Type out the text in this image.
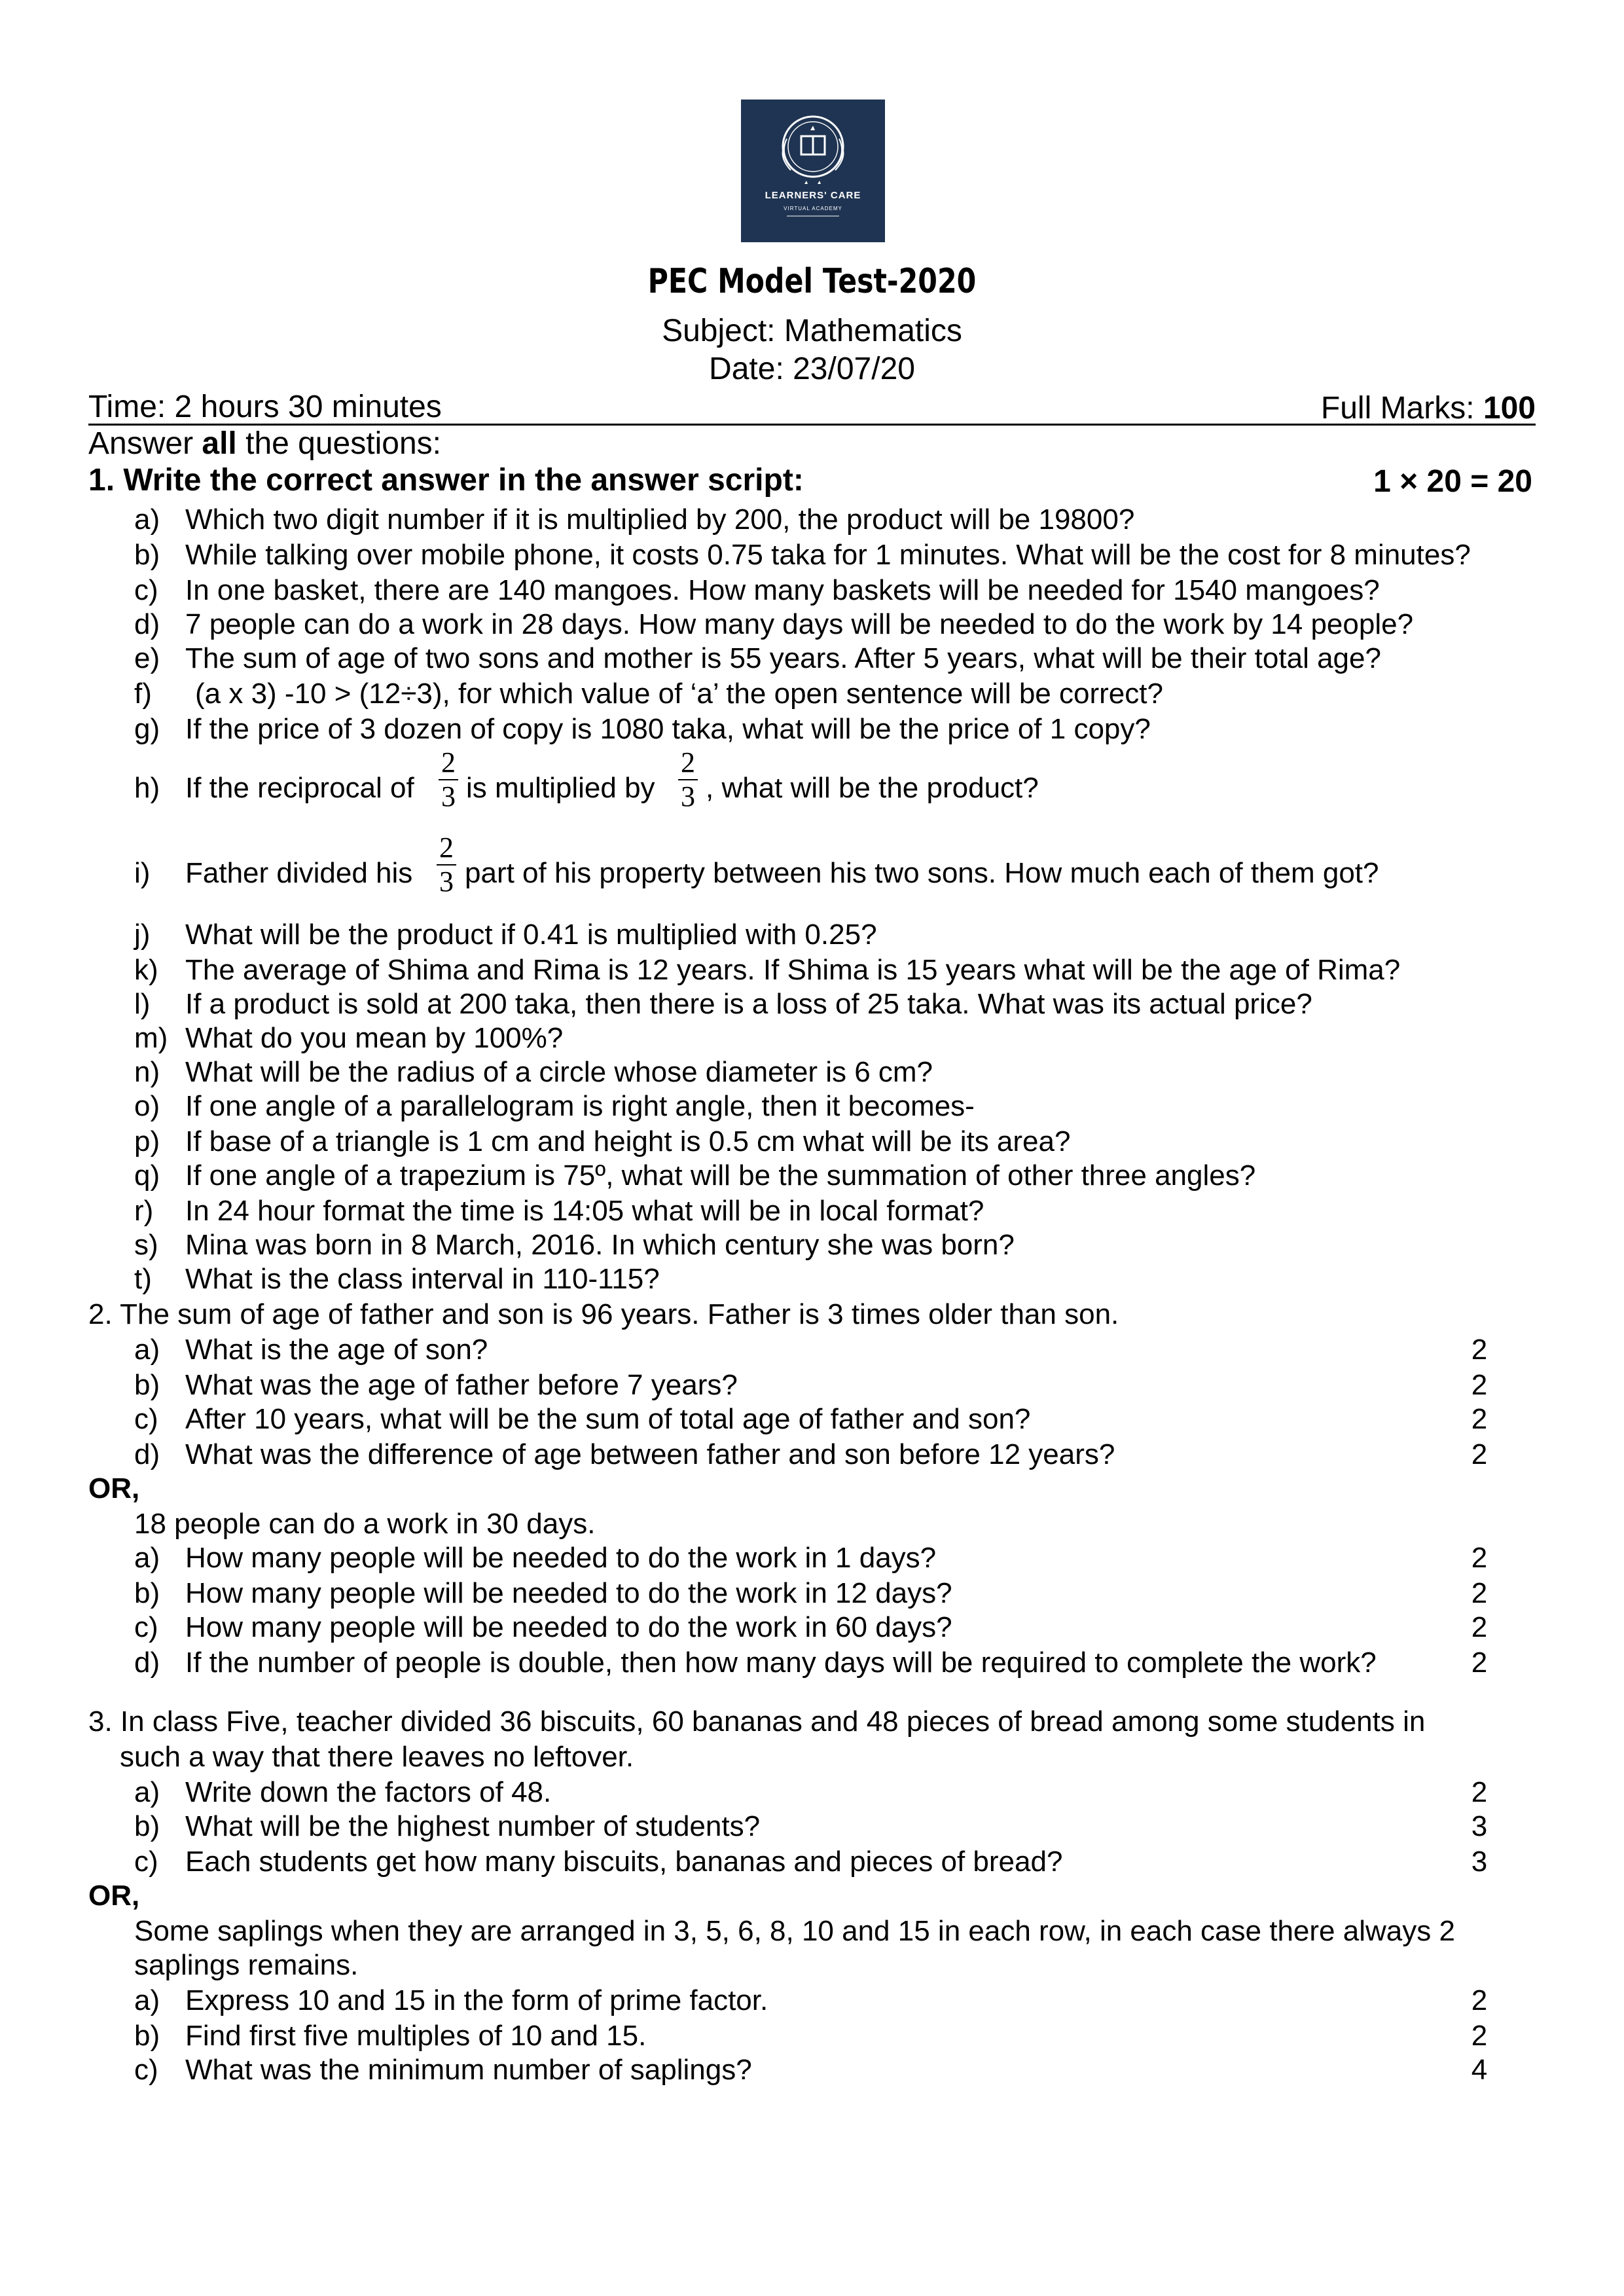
LEARNERS' CARE
VIRTUAL ACADEMY
PEC Model Test-2020
Subject: Mathematics
Date: 23/07/20
Time: 2 hours 30 minutes	Full Marks: 100
Answer all the questions:
1. Write the correct answer in the answer script:	1 × 20 = 20
a) Which two digit number if it is multiplied by 200, the product will be 19800?
b) While talking over mobile phone, it costs 0.75 taka for 1 minutes. What will be the cost for 8 minutes?
c) In one basket, there are 140 mangoes. How many baskets will be needed for 1540 mangoes?
d) 7 people can do a work in 28 days. How many days will be needed to do the work by 14 people?
e) The sum of age of two sons and mother is 55 years. After 5 years, what will be their total age?
f) (a x 3) -10 > (12÷3), for which value of ‘a’ the open sentence will be correct?
g) If the price of 3 dozen of copy is 1080 taka, what will be the price of 1 copy?
h) If the reciprocal of
2
3 is multiplied by
2
3 , what will be the product?
i) Father divided his
2
3 part of his property between his two sons. How much each of them got?
j) What will be the product if 0.41 is multiplied with 0.25?
k) The average of Shima and Rima is 12 years. If Shima is 15 years what will be the age of Rima?
l) If a product is sold at 200 taka, then there is a loss of 25 taka. What was its actual price?
m) What do you mean by 100%?
n) What will be the radius of a circle whose diameter is 6 cm?
o) If one angle of a parallelogram is right angle, then it becomes-
p) If base of a triangle is 1 cm and height is 0.5 cm what will be its area?
q) If one angle of a trapezium is 75º, what will be the summation of other three angles?
r) In 24 hour format the time is 14:05 what will be in local format?
s) Mina was born in 8 March, 2016. In which century she was born?
t) What is the class interval in 110-115?
2. The sum of age of father and son is 96 years. Father is 3 times older than son.
a) What is the age of son?	2
b) What was the age of father before 7 years?	2
c) After 10 years, what will be the sum of total age of father and son?	2
d) What was the difference of age between father and son before 12 years?	2
OR,
18 people can do a work in 30 days.
a) How many people will be needed to do the work in 1 days?	2
b) How many people will be needed to do the work in 12 days?	2
c) How many people will be needed to do the work in 60 days?	2
d) If the number of people is double, then how many days will be required to complete the work?	2
3. In class Five, teacher divided 36 biscuits, 60 bananas and 48 pieces of bread among some students in
such a way that there leaves no leftover.
a) Write down the factors of 48.	2
b) What will be the highest number of students?	3
c) Each students get how many biscuits, bananas and pieces of bread?	3
OR,
Some saplings when they are arranged in 3, 5, 6, 8, 10 and 15 in each row, in each case there always 2
saplings remains.
a) Express 10 and 15 in the form of prime factor.	2
b) Find first five multiples of 10 and 15.	2
c) What was the minimum number of saplings?	4
